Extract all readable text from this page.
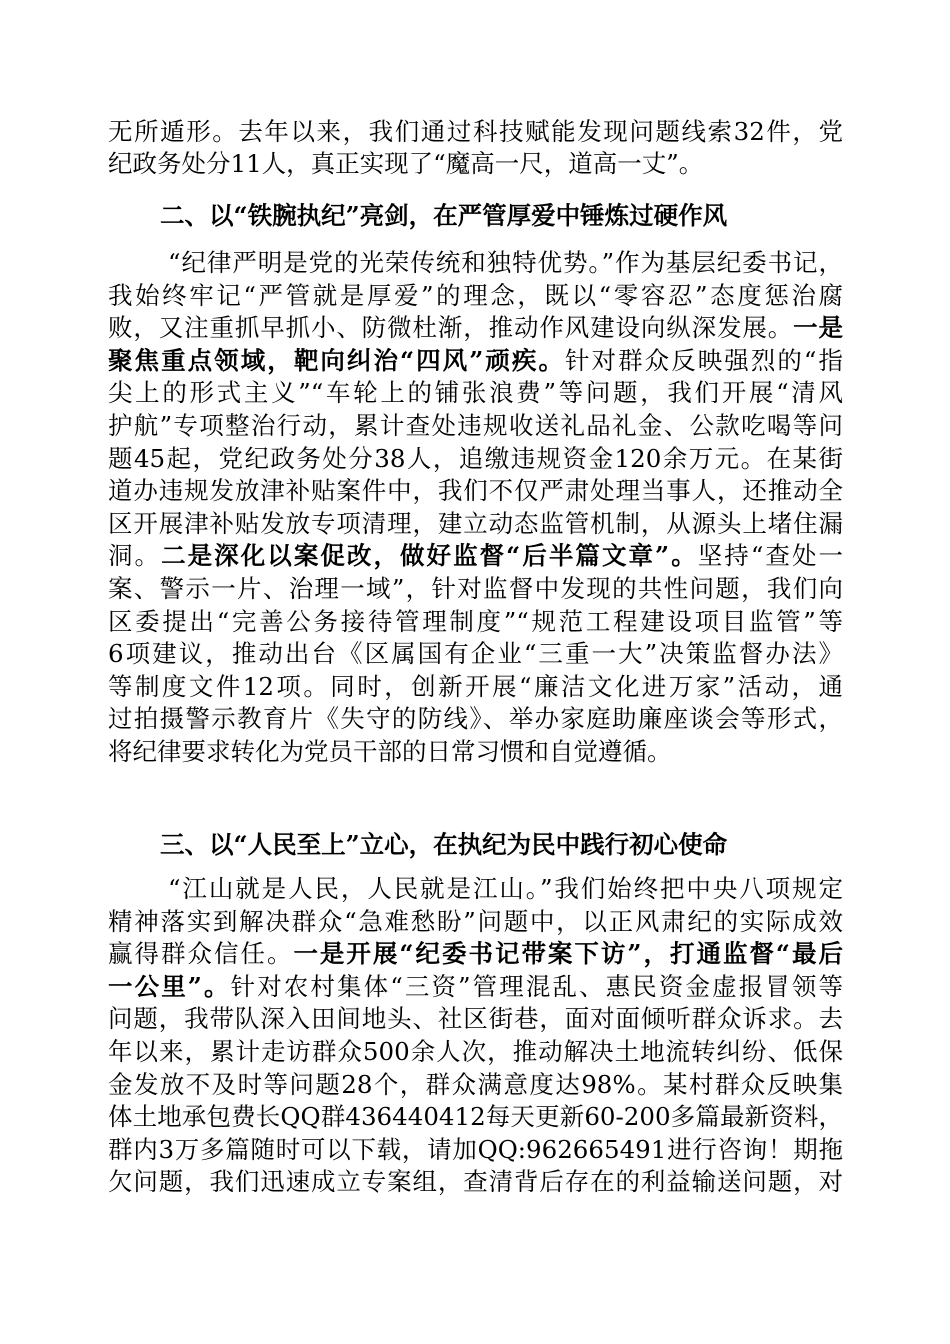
无所遁形。去年以来，我们通过科技赋能发现问题线索32件，党
纪政务处分11人，真正实现了“魔高一尺，道高一丈”。
二、以“铁腕执纪”亮剑，在严管厚爱中锤炼过硬作风
“纪律严明是党的光荣传统和独特优势。”作为基层纪委书记，
我始终牢记“严管就是厚爱”的理念，既以“零容忍”态度惩治腐
败，又注重抓早抓小、防微杜渐，推动作风建设向纵深发展。一是
聚焦重点领域，靶向纠治“四风”顽疾。针对群众反映强烈的“指
尖上的形式主义”“车轮上的铺张浪费”等问题，我们开展“清风
护航”专项整治行动，累计查处违规收送礼品礼金、公款吃喝等问
题45起，党纪政务处分38人，追缴违规资金120余万元。在某街
道办违规发放津补贴案件中，我们不仅严肃处理当事人，还推动全
区开展津补贴发放专项清理，建立动态监管机制，从源头上堵住漏
洞。二是深化以案促改，做好监督“后半篇文章”。坚持“查处一
案、警示一片、治理一域”，针对监督中发现的共性问题，我们向
区委提出“完善公务接待管理制度”“规范工程建设项目监管”等
6项建议，推动出台《区属国有企业“三重一大”决策监督办法》
等制度文件12项。同时，创新开展“廉洁文化进万家”活动，通
过拍摄警示教育片《失守的防线》、举办家庭助廉座谈会等形式，
将纪律要求转化为党员干部的日常习惯和自觉遵循。
三、以“人民至上”立心，在执纪为民中践行初心使命
“江山就是人民，人民就是江山。”我们始终把中央八项规定
精神落实到解决群众“急难愁盼”问题中，以正风肃纪的实际成效
赢得群众信任。一是开展“纪委书记带案下访”，打通监督“最后
一公里”。针对农村集体“三资”管理混乱、惠民资金虚报冒领等
问题，我带队深入田间地头、社区街巷，面对面倾听群众诉求。去
年以来，累计走访群众500余人次，推动解决土地流转纠纷、低保
金发放不及时等问题28个，群众满意度达98%。某村群众反映集
体土地承包费长QQ群436440412每天更新60-200多篇最新资料，
群内3万多篇随时可以下载，请加QQ:962665491进行咨询！期拖
欠问题，我们迅速成立专案组，查清背后存在的利益输送问题，对
